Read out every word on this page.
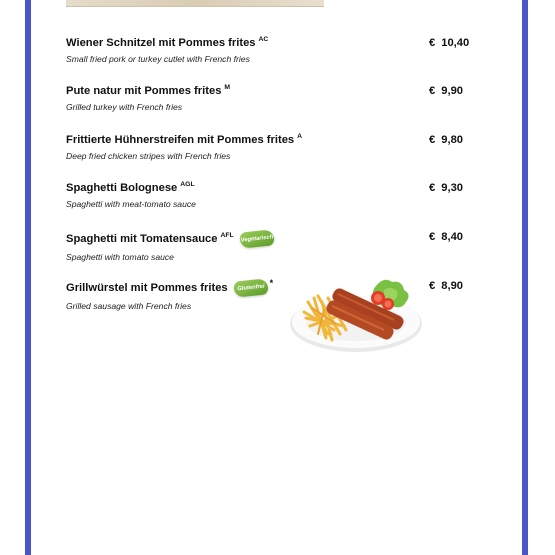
Wiener Schnitzel mit Pommes frites $^{AC}$
Small fried pork or turkey cutlet with French fries
€ 10,40
Pute natur mit Pommes frites $^M$
Grilled turkey with French fries
€ 9,90
Frittierte Hühnerstreifen mit Pommes frites $^A$
Deep fried chicken stripes with French fries
€ 9,80
Spaghetti Bolognese $^{AGL}$
Spaghetti with meat-tomato sauce
€ 9,30
Spaghetti mit Tomatensauce $^{AFL}$ Vegetarisch
Spaghetti with tomato sauce
€ 8,40
Grillwürstel mit Pommes frites	Glutenfrei
*
Grilled sausage with French fries
€ 8,90
